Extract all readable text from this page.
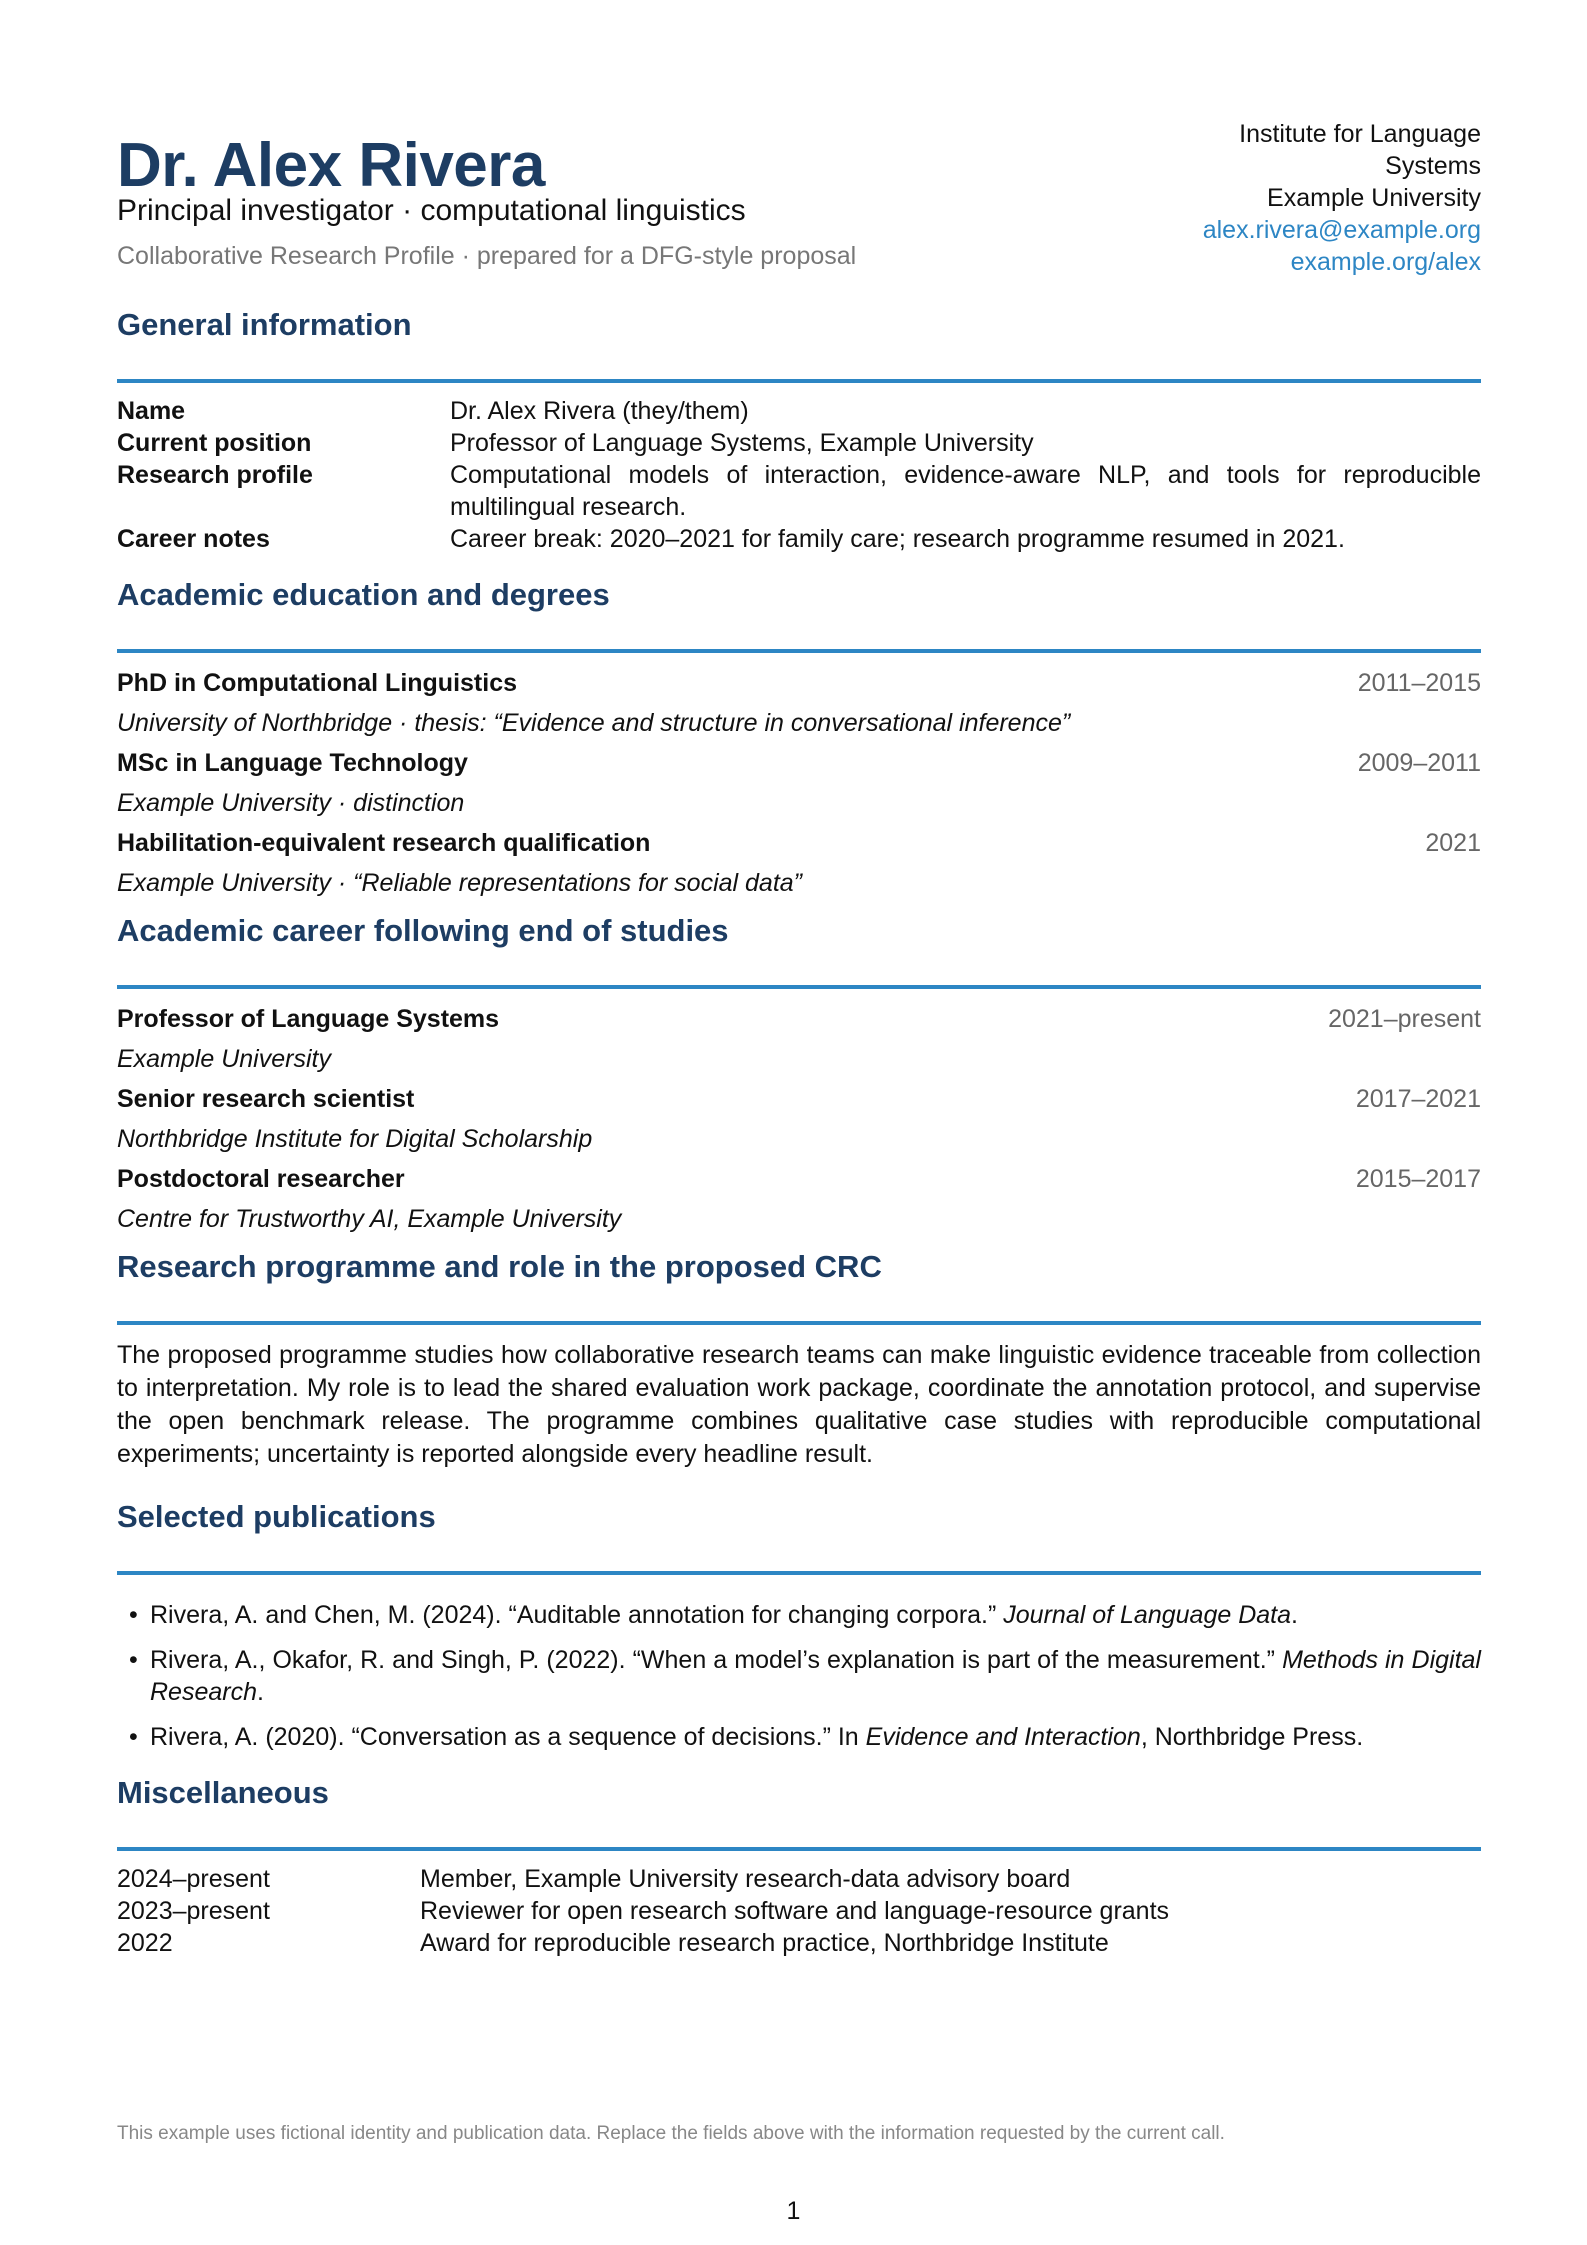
Dr. Alex Rivera
Principal investigator · computational linguistics
Collaborative Research Profile · prepared for a DFG-style proposal
Institute for Language
Systems
Example University
alex.rivera@example.org
example.org/alex
General information
Name	Dr. Alex Rivera (they/them)
Current position	Professor of Language Systems, Example University
Research profile	Computational models of interaction, evidence-aware NLP, and tools for reproducible multilingual research.
Career notes	Career break: 2020–2021 for family care; research programme resumed in 2021.
Academic education and degrees
PhD in Computational Linguistics	2011–2015
University of Northbridge · thesis: “Evidence and structure in conversational inference”
MSc in Language Technology	2009–2011
Example University · distinction
Habilitation-equivalent research qualification	2021
Example University · “Reliable representations for social data”
Academic career following end of studies
Professor of Language Systems	2021–present
Example University
Senior research scientist	2017–2021
Northbridge Institute for Digital Scholarship
Postdoctoral researcher	2015–2017
Centre for Trustworthy AI, Example University
Research programme and role in the proposed CRC
The proposed programme studies how collaborative research teams can make linguistic evidence traceable from collection to interpretation. My role is to lead the shared evaluation work package, coordinate the annotation protocol, and supervise the open benchmark release. The programme combines qualitative case studies with reproducible computational experiments; uncertainty is reported alongside every headline result.
Selected publications
• Rivera, A. and Chen, M. (2024). “Auditable annotation for changing corpora.” Journal of Language Data.
• Rivera, A., Okafor, R. and Singh, P. (2022). “When a model’s explanation is part of the measurement.” Methods in Digital Research.
• Rivera, A. (2020). “Conversation as a sequence of decisions.” In Evidence and Interaction, Northbridge Press.
Miscellaneous
2024–present	Member, Example University research-data advisory board
2023–present	Reviewer for open research software and language-resource grants
2022	Award for reproducible research practice, Northbridge Institute
This example uses fictional identity and publication data. Replace the fields above with the information requested by the current call.
1
